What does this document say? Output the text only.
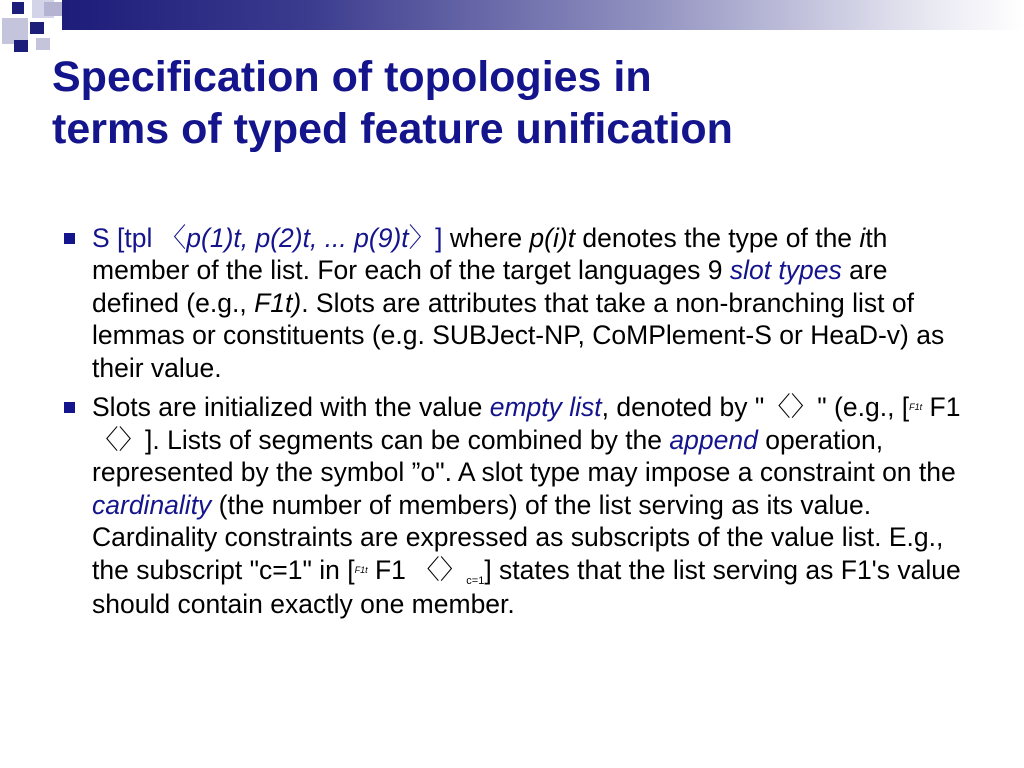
Specification of topologies in
terms of typed feature unification
S [tpl 〈p(1)t, p(2)t, ... p(9)t〉] where p(i)t denotes the type of the ith member of the list. For each of the target languages 9 slot types are defined (e.g., F1t). Slots are attributes that take a non-branching list of lemmas or constituents (e.g. SUBJect-NP, CoMPlement-S or HeaD-v) as their value.
Slots are initialized with the value empty list, denoted by "〈〉" (e.g., [$^{F1t}$ F1 〈〉]. Lists of segments can be combined by the append operation, represented by the symbol ”o". A slot type may impose a constraint on the cardinality (the number of members) of the list serving as its value. Cardinality constraints are expressed as subscripts of the value list. E.g., the subscript "c=1" in [$^{F1t}$ F1 $〈〉_{c=1}$] states that the list serving as F1's value should contain exactly one member.
